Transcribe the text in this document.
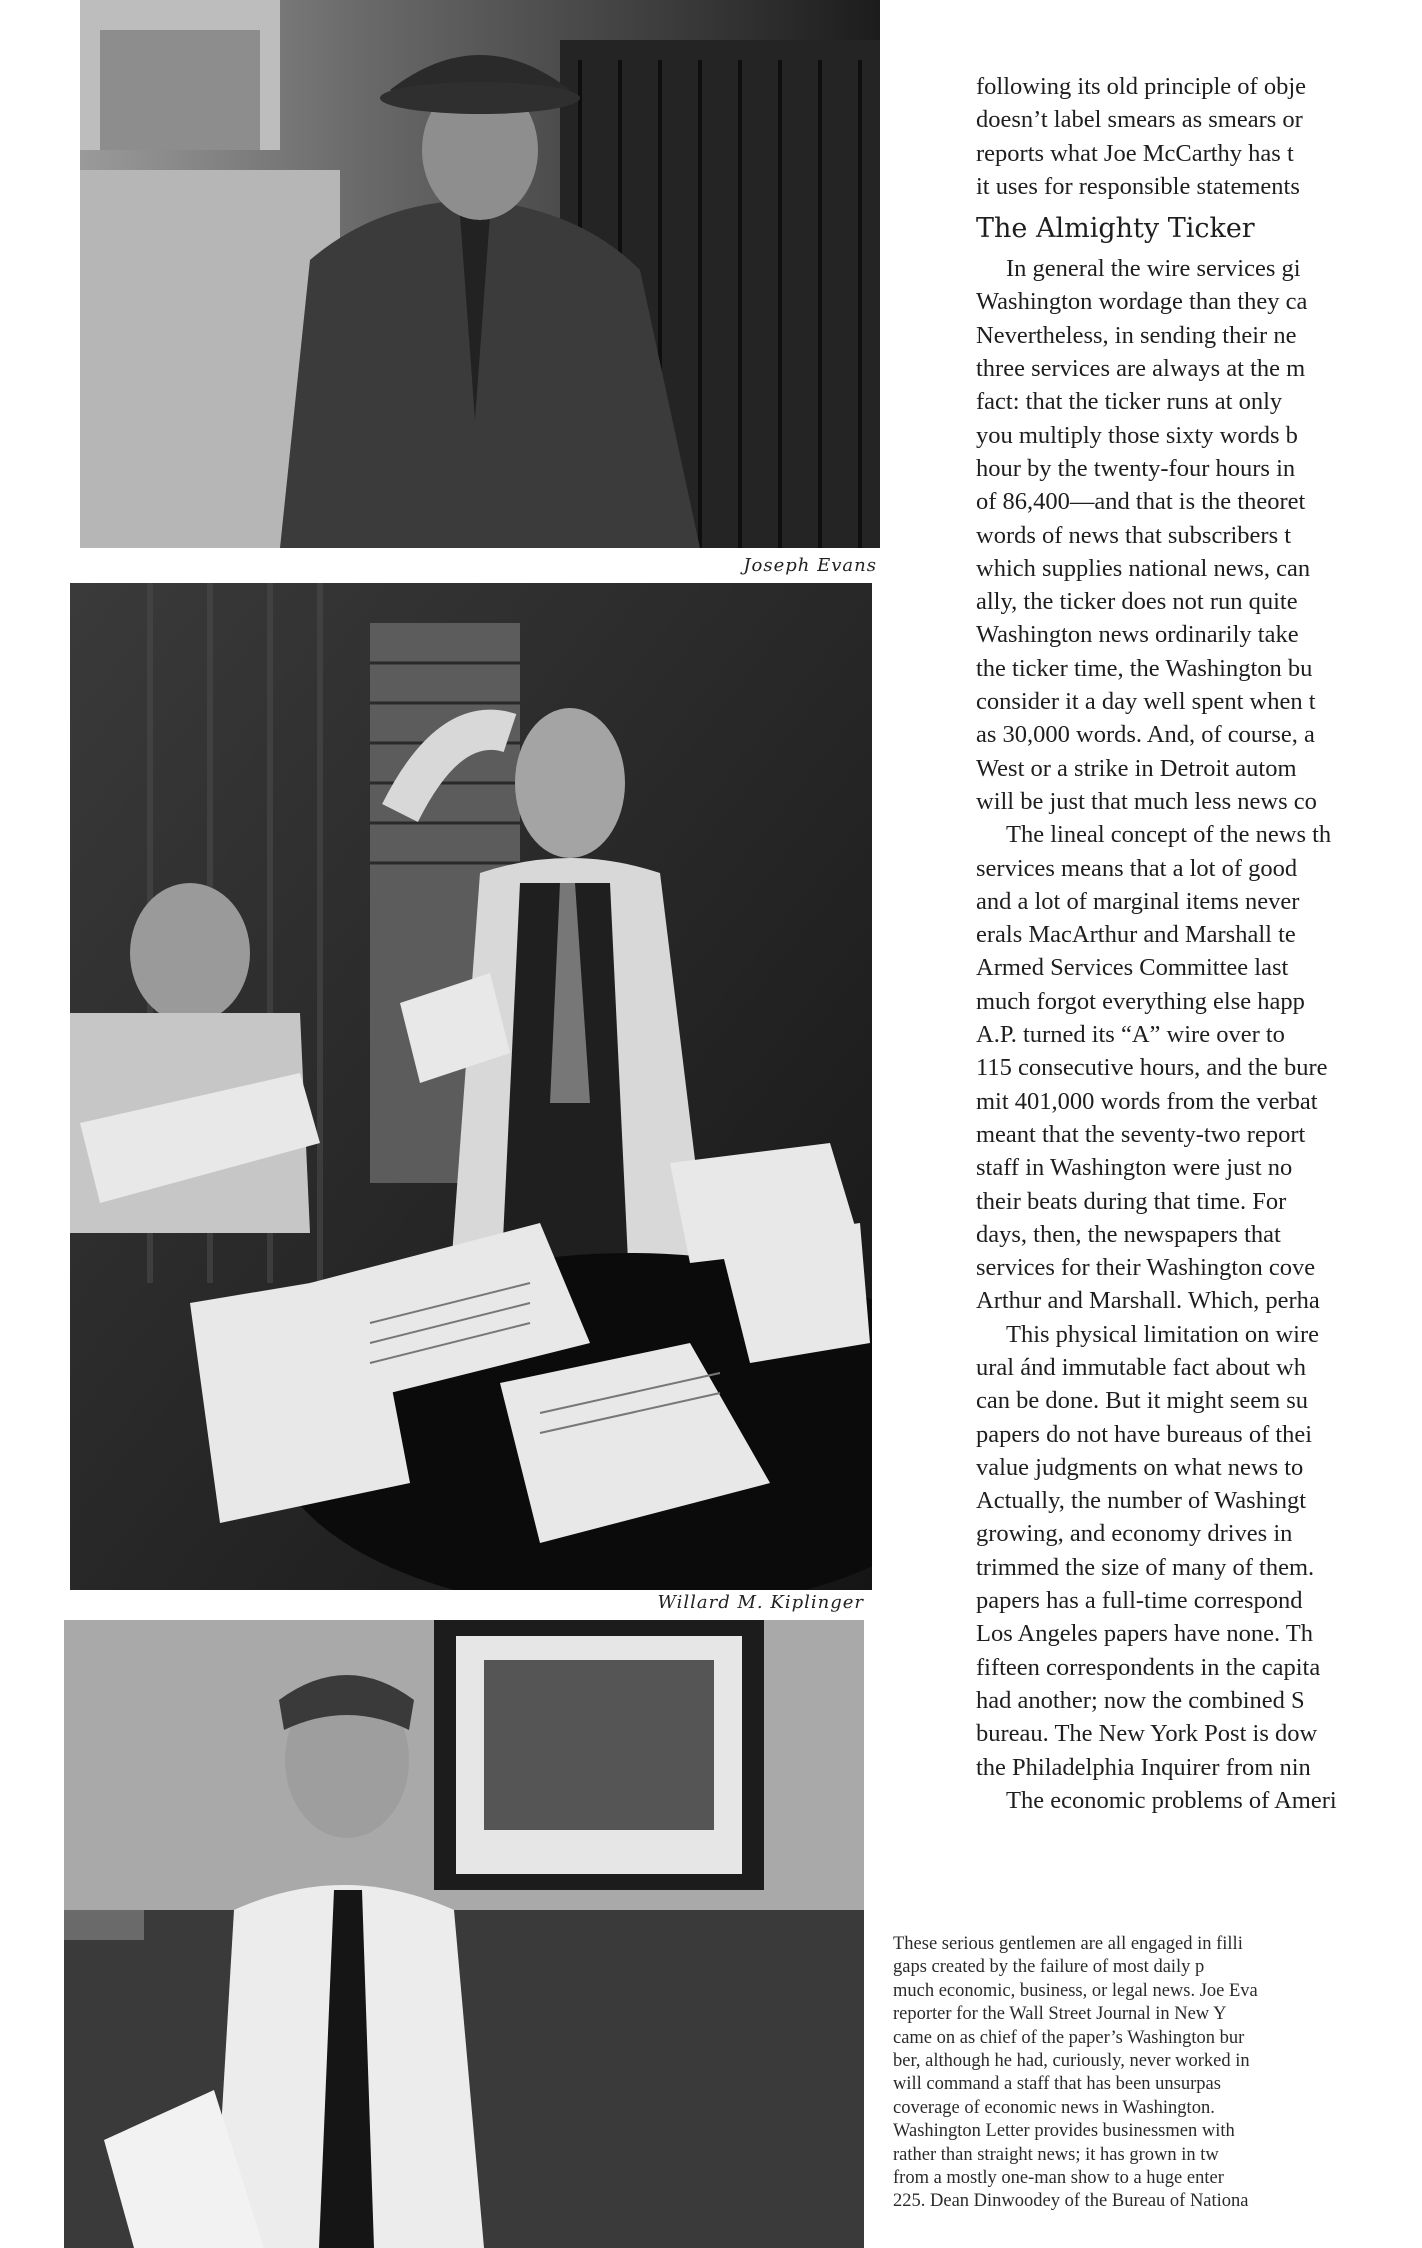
Joseph Evans
Willard M. Kiplinger
following its old principle of obje
doesn’t label smears as smears or
reports what Joe McCarthy has t
it uses for responsible statements
The Almighty Ticker
In general the wire services gi
Washington wordage than they ca
Nevertheless, in sending their ne
three services are always at the m
fact: that the ticker runs at only
you multiply those sixty words b
hour by the twenty-four hours in
of 86,400—and that is the theoret
words of news that subscribers t
which supplies national news, can
ally, the ticker does not run quite
Washington news ordinarily take
the ticker time, the Washington bu
consider it a day well spent when t
as 30,000 words. And, of course, a
West or a strike in Detroit autom
will be just that much less news co
The lineal concept of the news th
services means that a lot of good
and a lot of marginal items never
erals MacArthur and Marshall te
Armed Services Committee last
much forgot everything else happ
A.P. turned its “A” wire over to
115 consecutive hours, and the bure
mit 401,000 words from the verbat
meant that the seventy-two report
staff in Washington were just no
their beats during that time. For
days, then, the newspapers that
services for their Washington cove
Arthur and Marshall. Which, perha
This physical limitation on wire
ural ánd immutable fact about wh
can be done. But it might seem su
papers do not have bureaus of thei
value judgments on what news to
Actually, the number of Washingt
growing, and economy drives in
trimmed the size of many of them.
papers has a full-time correspond
Los Angeles papers have none. Th
fifteen correspondents in the capita
had another; now the combined S
bureau. The New York Post is dow
the Philadelphia Inquirer from nin
The economic problems of Ameri
These serious gentlemen are all engaged in filli
gaps created by the failure of most daily p
much economic, business, or legal news. Joe Eva
reporter for the Wall Street Journal in New Y
came on as chief of the paper’s Washington bur
ber, although he had, curiously, never worked in
will command a staff that has been unsurpas
coverage of economic news in Washington.
Washington Letter provides businessmen with
rather than straight news; it has grown in tw
from a mostly one-man show to a huge enter
225. Dean Dinwoodey of the Bureau of Nationa
